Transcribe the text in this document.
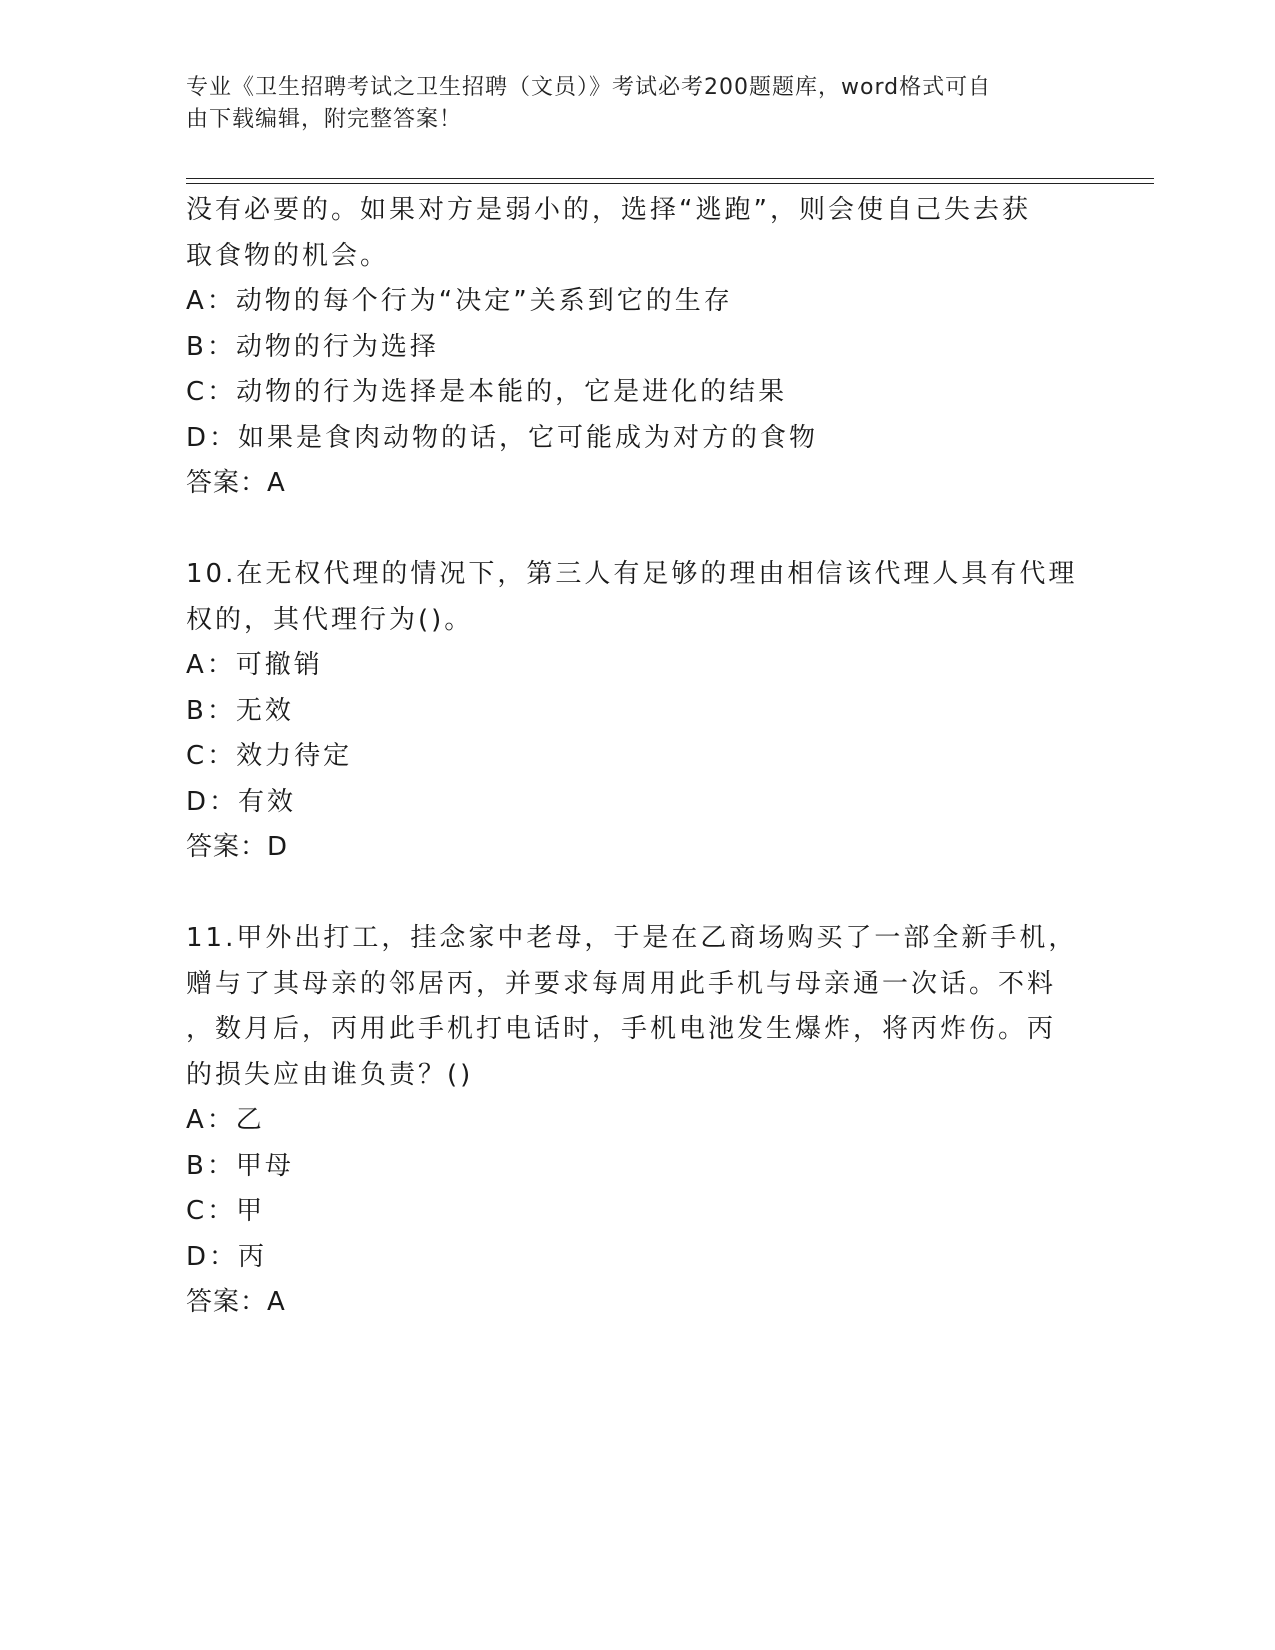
专业《卫生招聘考试之卫生招聘（文员）》考试必考200题题库，word格式可自
由下载编辑，附完整答案！
没有必要的。如果对方是弱小的，选择“逃跑”，则会使自己失去获
取食物的机会。
A：动物的每个行为“决定”关系到它的生存
B：动物的行为选择
C：动物的行为选择是本能的，它是进化的结果
D：如果是食肉动物的话，它可能成为对方的食物
答案：A
10.在无权代理的情况下，第三人有足够的理由相信该代理人具有代理
权的，其代理行为()。
A：可撤销
B：无效
C：效力待定
D：有效
答案：D
11.甲外出打工，挂念家中老母，于是在乙商场购买了一部全新手机，
赠与了其母亲的邻居丙，并要求每周用此手机与母亲通一次话。不料
，数月后，丙用此手机打电话时，手机电池发生爆炸，将丙炸伤。丙
的损失应由谁负责？()
A：乙
B：甲母
C：甲
D：丙
答案：A
